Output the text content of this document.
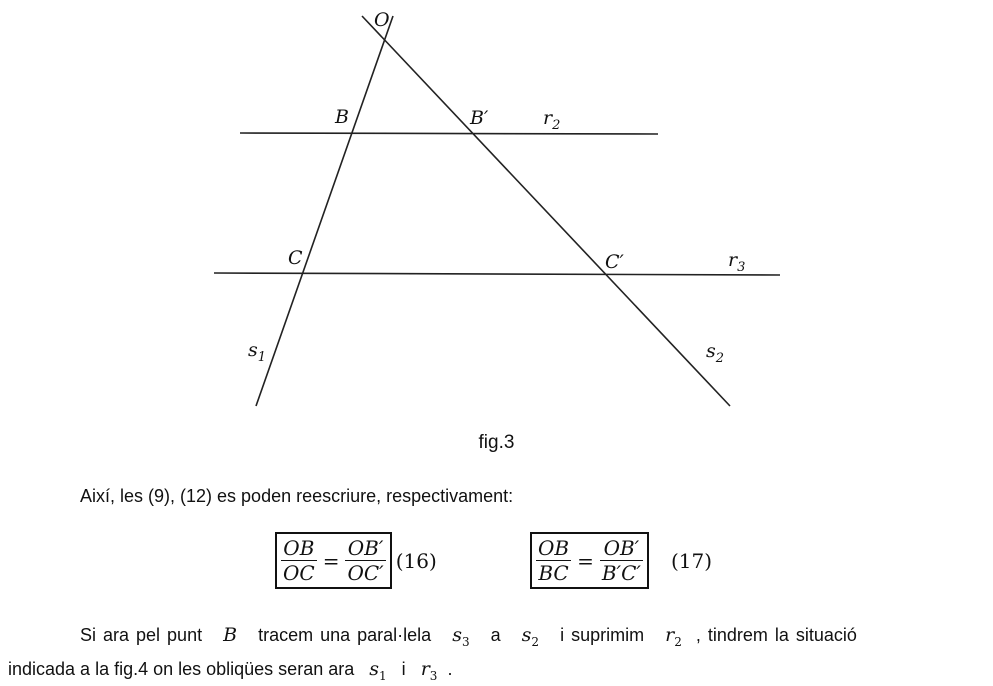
O
B	B′	$r_2$
C	C′	$r_3$
$s_1$	$s_2$
fig.3
Així, les (9), (12) es poden reescriure, respectivament:
$\frac{OB}{OC} = \frac{OB'}{OC'} (16)$	$\frac{OB}{BC} = \frac{OB'}{B'C'} (17)$
Si ara pel punt B tracem una paral·lela $s_3$ a $s_2$ i suprimim $r_2$ , tindrem la situació
indicada a la fig.4 on les obliqües seran ara $s_1$ i $r_3$ .
